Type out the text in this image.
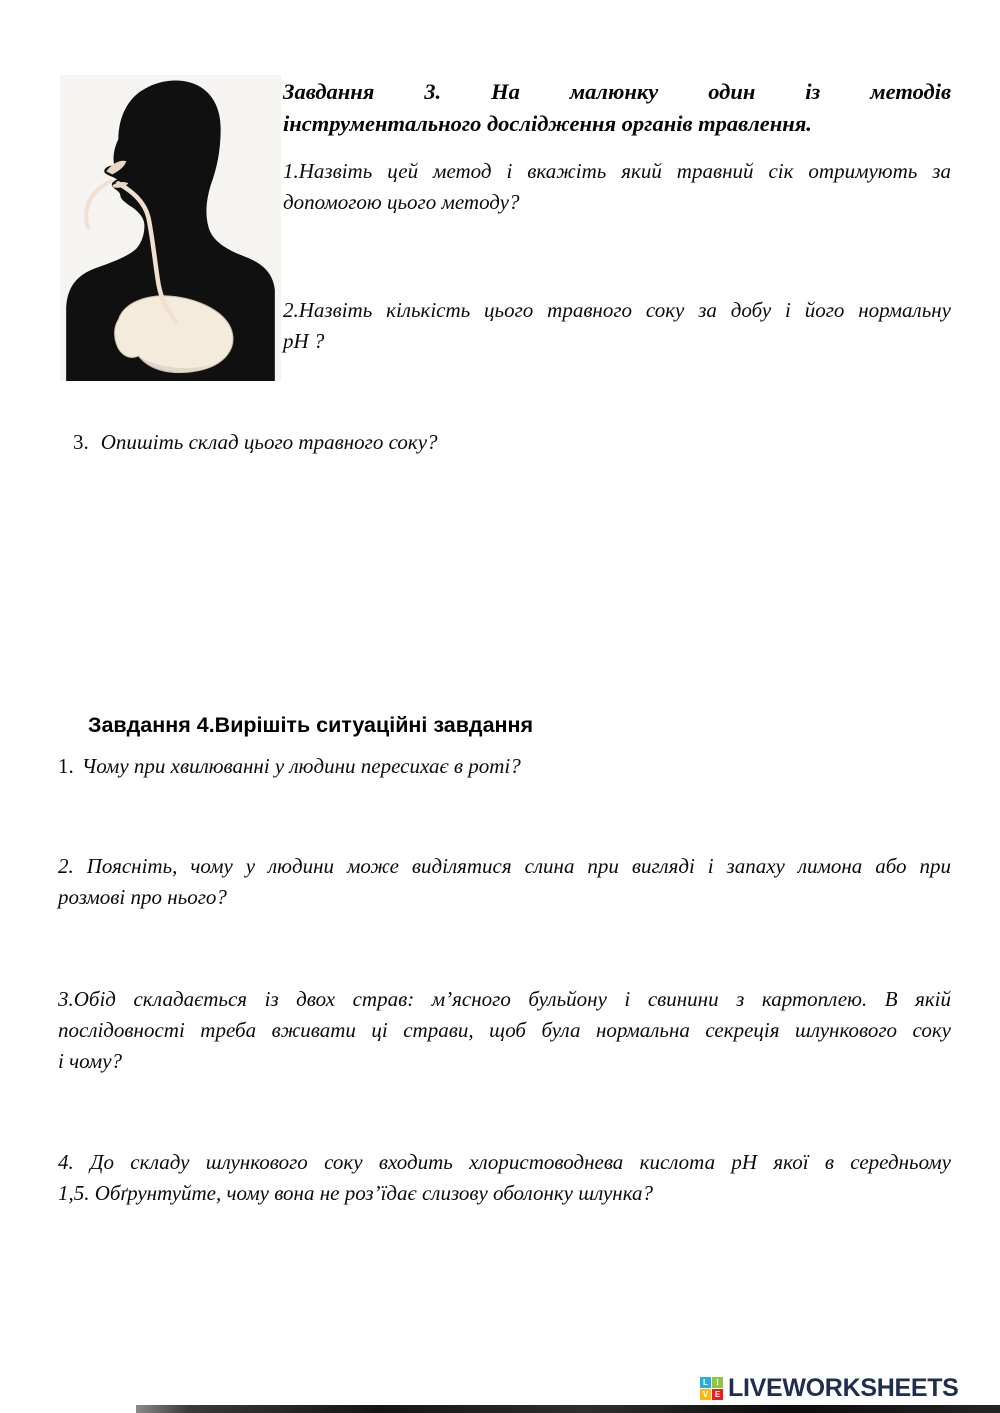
Завдання 3. На малюнку один із методів
інструментального дослідження органів травлення.
1.Назвіть цей метод і вкажіть який травний сік отримують за
допомогою цього методу?
2.Назвіть кількість цього травного соку за добу і його нормальну
pH ?
3. Опишіть склад цього травного соку?
Завдання 4.Вирішіть ситуаційні завдання
1. Чому при хвилюванні у людини пересихає в роті?
2. Поясніть, чому у людини може виділятися слина при вигляді і запаху лимона або при
розмові про нього?
3.Обід складається із двох страв: м’ясного бульйону і свинини з картоплею. В якій
послідовності треба вживати ці страви, щоб була нормальна секреція шлункового соку
і чому?
4. До складу шлункового соку входить хлористоводнева кислота pH якої в середньому
1,5. Обґрунтуйте, чому вона не роз’їдає слизову оболонку шлунка?
L	I
V E LIVEWORKSHEETS
